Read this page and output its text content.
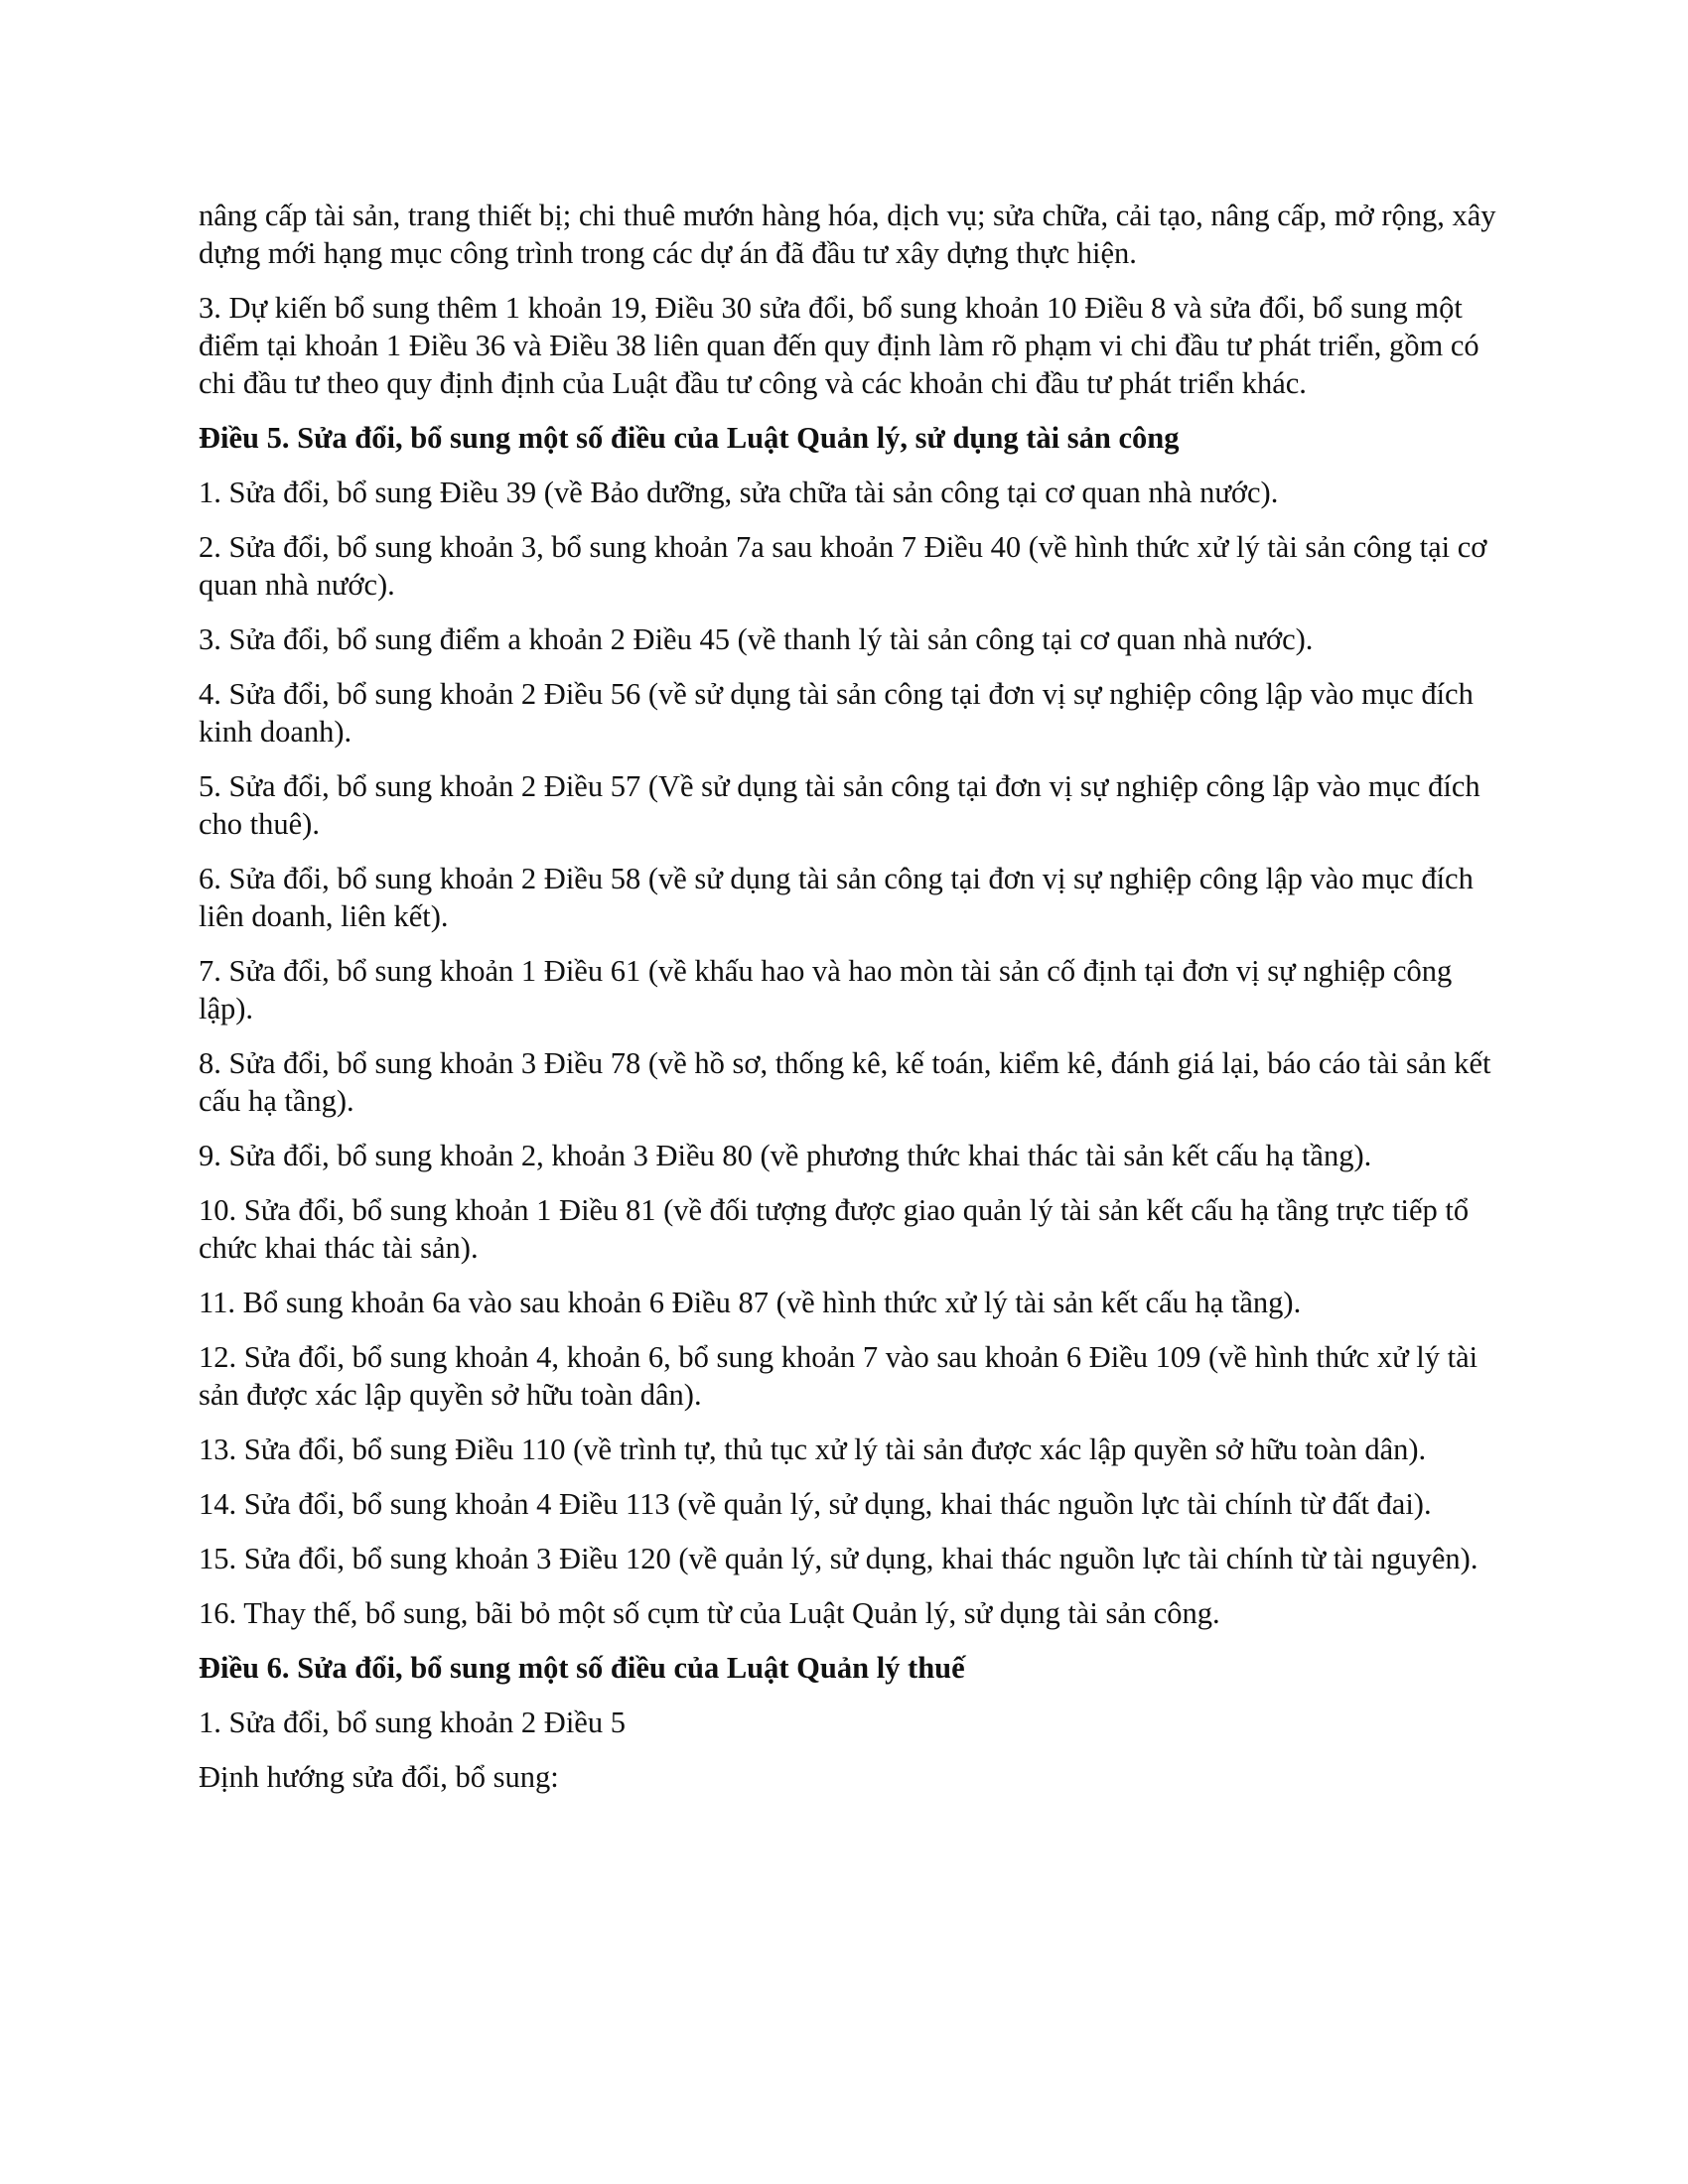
nâng cấp tài sản, trang thiết bị; chi thuê mướn hàng hóa, dịch vụ; sửa chữa, cải tạo, nâng cấp, mở rộng, xây dựng mới hạng mục công trình trong các dự án đã đầu tư xây dựng thực hiện.

3. Dự kiến bổ sung thêm 1 khoản 19, Điều 30 sửa đổi, bổ sung khoản 10 Điều 8 và sửa đổi, bổ sung một điểm tại khoản 1 Điều 36 và Điều 38 liên quan đến quy định làm rõ phạm vi chi đầu tư phát triển, gồm có chi đầu tư theo quy định định của Luật đầu tư công và các khoản chi đầu tư phát triển khác.

Điều 5. Sửa đổi, bổ sung một số điều của Luật Quản lý, sử dụng tài sản công

1. Sửa đổi, bổ sung Điều 39 (về Bảo dưỡng, sửa chữa tài sản công tại cơ quan nhà nước).

2. Sửa đổi, bổ sung khoản 3, bổ sung khoản 7a sau khoản 7 Điều 40 (về hình thức xử lý tài sản công tại cơ quan nhà nước).

3. Sửa đổi, bổ sung điểm a khoản 2 Điều 45 (về thanh lý tài sản công tại cơ quan nhà nước).

4. Sửa đổi, bổ sung khoản 2 Điều 56 (về sử dụng tài sản công tại đơn vị sự nghiệp công lập vào mục đích kinh doanh).

5. Sửa đổi, bổ sung khoản 2 Điều 57 (Về sử dụng tài sản công tại đơn vị sự nghiệp công lập vào mục đích cho thuê).

6. Sửa đổi, bổ sung khoản 2 Điều 58 (về sử dụng tài sản công tại đơn vị sự nghiệp công lập vào mục đích liên doanh, liên kết).

7. Sửa đổi, bổ sung khoản 1 Điều 61 (về khấu hao và hao mòn tài sản cố định tại đơn vị sự nghiệp công lập).

8. Sửa đổi, bổ sung khoản 3 Điều 78 (về hồ sơ, thống kê, kế toán, kiểm kê, đánh giá lại, báo cáo tài sản kết cấu hạ tầng).

9. Sửa đổi, bổ sung khoản 2, khoản 3 Điều 80 (về phương thức khai thác tài sản kết cấu hạ tầng).

10. Sửa đổi, bổ sung khoản 1 Điều 81 (về đối tượng được giao quản lý tài sản kết cấu hạ tầng trực tiếp tổ chức khai thác tài sản).

11. Bổ sung khoản 6a vào sau khoản 6 Điều 87 (về hình thức xử lý tài sản kết cấu hạ tầng).

12. Sửa đổi, bổ sung khoản 4, khoản 6, bổ sung khoản 7 vào sau khoản 6 Điều 109 (về hình thức xử lý tài sản được xác lập quyền sở hữu toàn dân).

13. Sửa đổi, bổ sung Điều 110 (về trình tự, thủ tục xử lý tài sản được xác lập quyền sở hữu toàn dân).

14. Sửa đổi, bổ sung khoản 4 Điều 113 (về quản lý, sử dụng, khai thác nguồn lực tài chính từ đất đai).

15. Sửa đổi, bổ sung khoản 3 Điều 120 (về quản lý, sử dụng, khai thác nguồn lực tài chính từ tài nguyên).

16. Thay thế, bổ sung, bãi bỏ một số cụm từ của Luật Quản lý, sử dụng tài sản công.

Điều 6. Sửa đổi, bổ sung một số điều của Luật Quản lý thuế

1. Sửa đổi, bổ sung khoản 2 Điều 5

Định hướng sửa đổi, bổ sung:
